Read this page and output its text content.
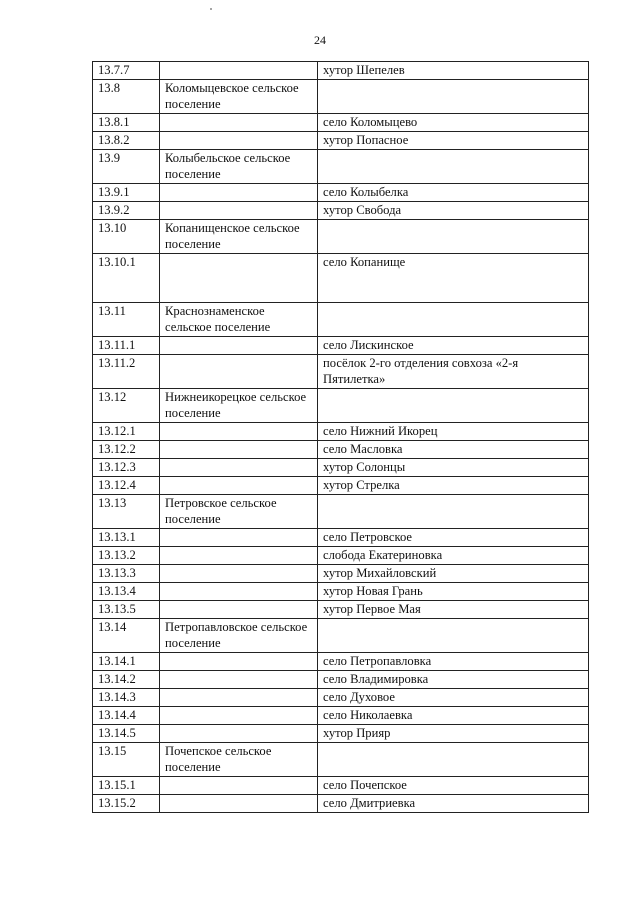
24
13.7.7		хутор Шепелев
13.8	Коломыцевское сельское поселение	
13.8.1		село Коломыцево
13.8.2		хутор Попасное
13.9	Колыбельское сельское поселение	
13.9.1		село Колыбелка
13.9.2		хутор Свобода
13.10	Копанищенское сельское поселение	
13.10.1		село Копанище
13.11	Краснознаменское сельское поселение	
13.11.1		село Лискинское
13.11.2		посёлок 2-го отделения совхоза «2-я Пятилетка»
13.12	Нижнеикорецкое сельское поселение	
13.12.1		село Нижний Икорец
13.12.2		село Масловка
13.12.3		хутор Солонцы
13.12.4		хутор Стрелка
13.13	Петровское сельское поселение	
13.13.1		село Петровское
13.13.2		слобода Екатериновка
13.13.3		хутор Михайловский
13.13.4		хутор Новая Грань
13.13.5		хутор Первое Мая
13.14	Петропавловское сельское поселение	
13.14.1		село Петропавловка
13.14.2		село Владимировка
13.14.3		село Духовое
13.14.4		село Николаевка
13.14.5		хутор Прияр
13.15	Почепское сельское поселение	
13.15.1		село Почепское
13.15.2		село Дмитриевка
